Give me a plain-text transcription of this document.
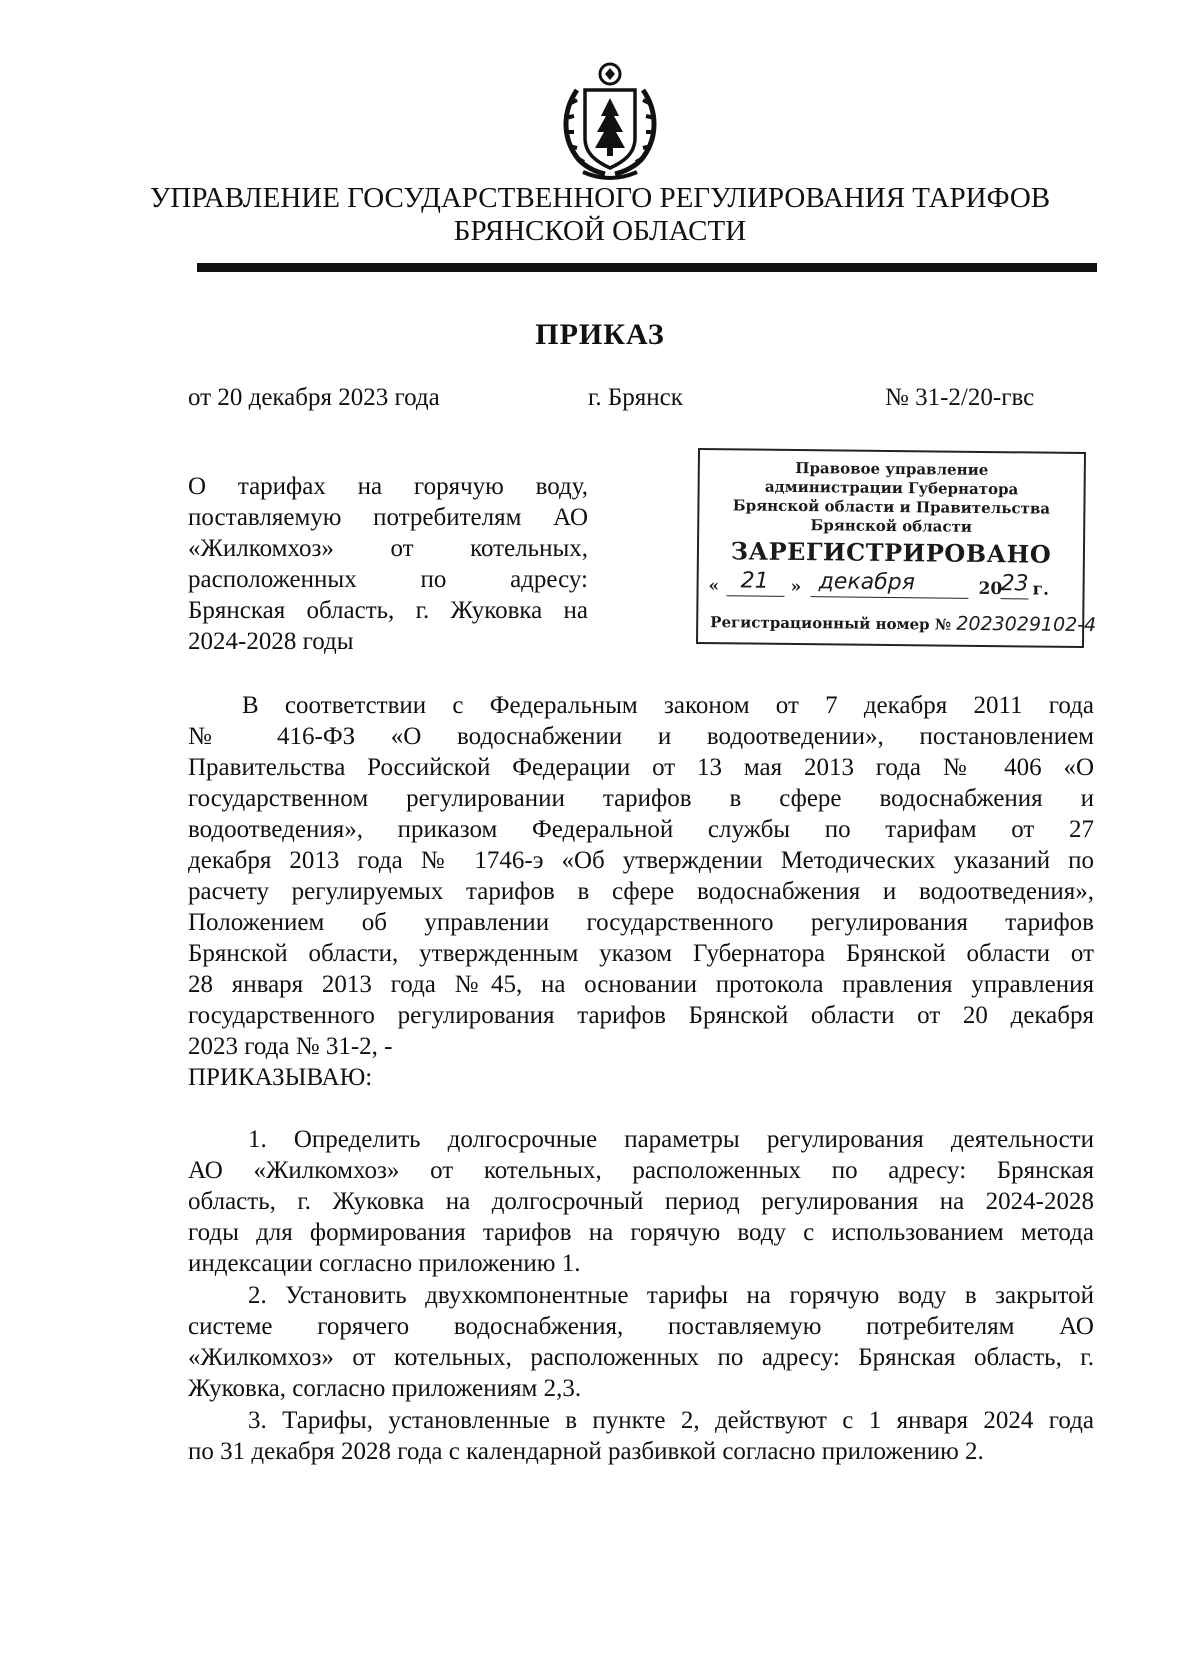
УПРАВЛЕНИЕ ГОСУДАРСТВЕННОГО РЕГУЛИРОВАНИЯ ТАРИФОВ
БРЯНСКОЙ ОБЛАСТИ
ПРИКАЗ
от 20 декабря 2023 года	г. Брянск	№ 31-2/20-гвс
О тарифах на горячую воду,
поставляемую потребителям АО
«Жилкомхоз» от котельных,
расположенных по адресу:
Брянская область, г. Жуковка на
2024-2028 годы
Правовое управление
администрации Губернатора
Брянской области и Правительства
Брянской области
ЗАРЕГИСТРИРОВАНО
« 21 » декабря	20
23 г.
Регистрационный номер № 2023029102-4
В соответствии с Федеральным законом от 7 декабря 2011 года
№ 416-ФЗ «О водоснабжении и водоотведении», постановлением
Правительства Российской Федерации от 13 мая 2013 года № 406 «О
государственном регулировании тарифов в сфере водоснабжения и
водоотведения», приказом Федеральной службы по тарифам от 27
декабря 2013 года № 1746-э «Об утверждении Методических указаний по
расчету регулируемых тарифов в сфере водоснабжения и водоотведения»,
Положением об управлении государственного регулирования тарифов
Брянской области, утвержденным указом Губернатора Брянской области от
28 января 2013 года №45, на основании протокола правления управления
государственного регулирования тарифов Брянской области от 20 декабря
2023 года № 31-2, -
ПРИКАЗЫВАЮ:
1. Определить долгосрочные параметры регулирования деятельности
АО «Жилкомхоз» от котельных, расположенных по адресу: Брянская
область, г. Жуковка на долгосрочный период регулирования на 2024-2028
годы для формирования тарифов на горячую воду с использованием метода
индексации согласно приложению 1.
2. Установить двухкомпонентные тарифы на горячую воду в закрытой
системе горячего водоснабжения, поставляемую потребителям АО
«Жилкомхоз» от котельных, расположенных по адресу: Брянская область, г.
Жуковка, согласно приложениям 2,3.
3. Тарифы, установленные в пункте 2, действуют с 1 января 2024 года
по 31 декабря 2028 года с календарной разбивкой согласно приложению 2.
